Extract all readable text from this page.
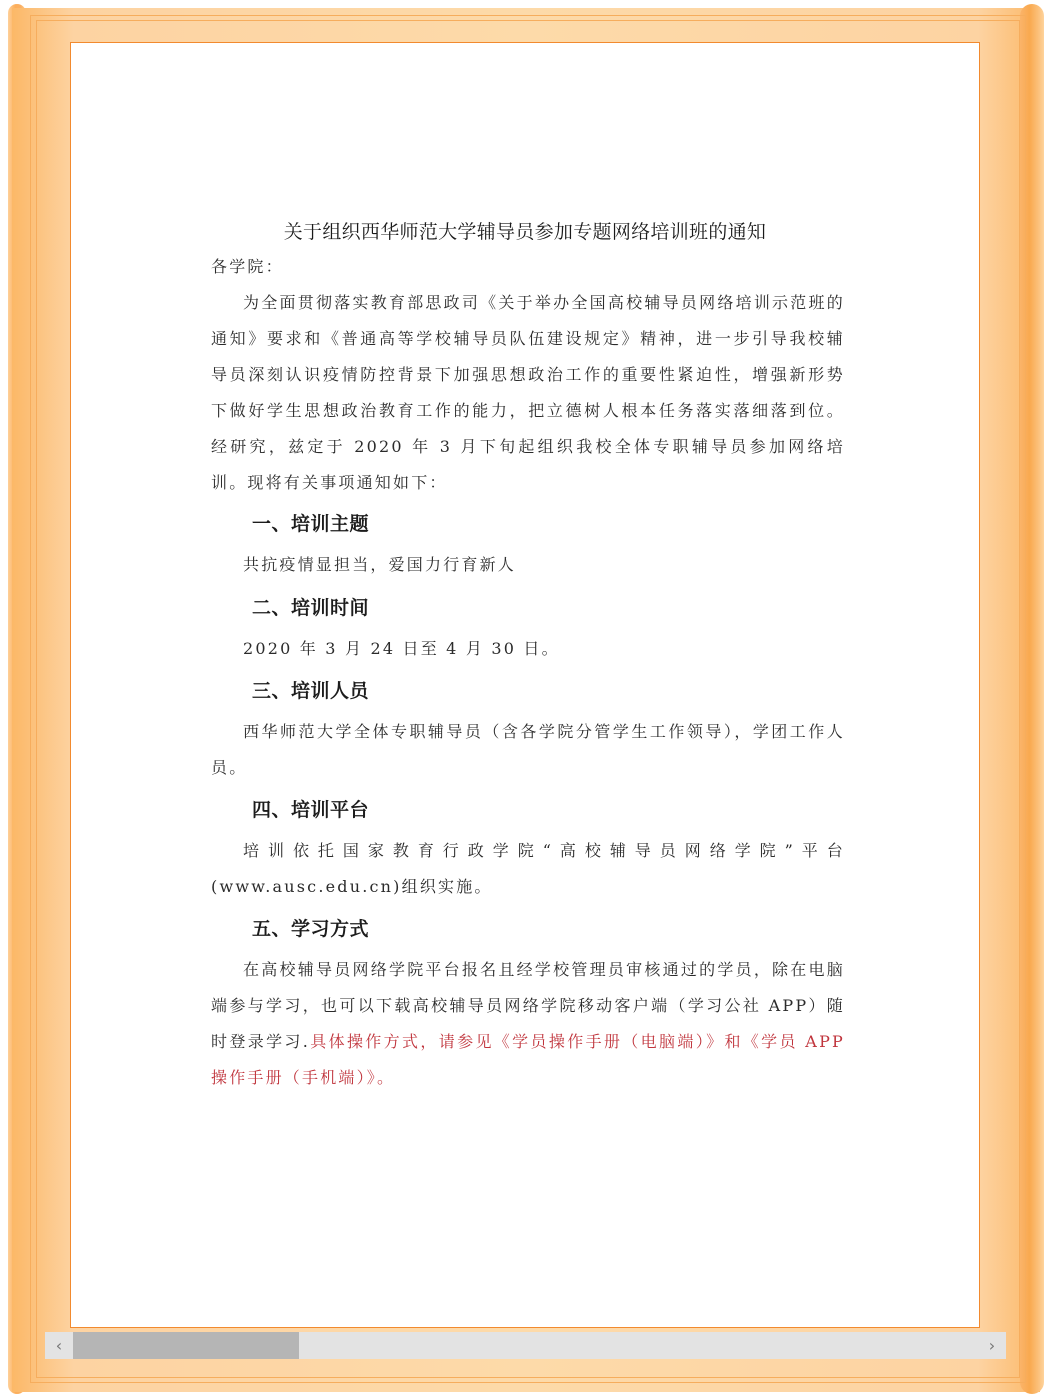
关于组织西华师范大学辅导员参加专题网络培训班的通知
各学院：
为全面贯彻落实教育部思政司《关于举办全国高校辅导员网络培训示范班的通知》要求和《普通高等学校辅导员队伍建设规定》精神，进一步引导我校辅导员深刻认识疫情防控背景下加强思想政治工作的重要性紧迫性，增强新形势下做好学生思想政治教育工作的能力，把立德树人根本任务落实落细落到位。经研究，兹定于 2020 年 3 月下旬起组织我校全体专职辅导员参加网络培训。现将有关事项通知如下：
一、培训主题
共抗疫情显担当，爱国力行育新人
二、培训时间
2020 年 3 月 24 日至 4 月 30 日。
三、培训人员
西华师范大学全体专职辅导员（含各学院分管学生工作领导），学团工作人员。
四、培训平台
培训依托国家教育行政学院“高校辅导员网络学院”平台(www.ausc.edu.cn)组织实施。
五、学习方式
在高校辅导员网络学院平台报名且经学校管理员审核通过的学员，除在电脑端参与学习，也可以下载高校辅导员网络学院移动客户端（学习公社 APP）随时登录学习.具体操作方式，请参见《学员操作手册（电脑端）》和《学员 APP 操作手册（手机端）》。
‹	›
